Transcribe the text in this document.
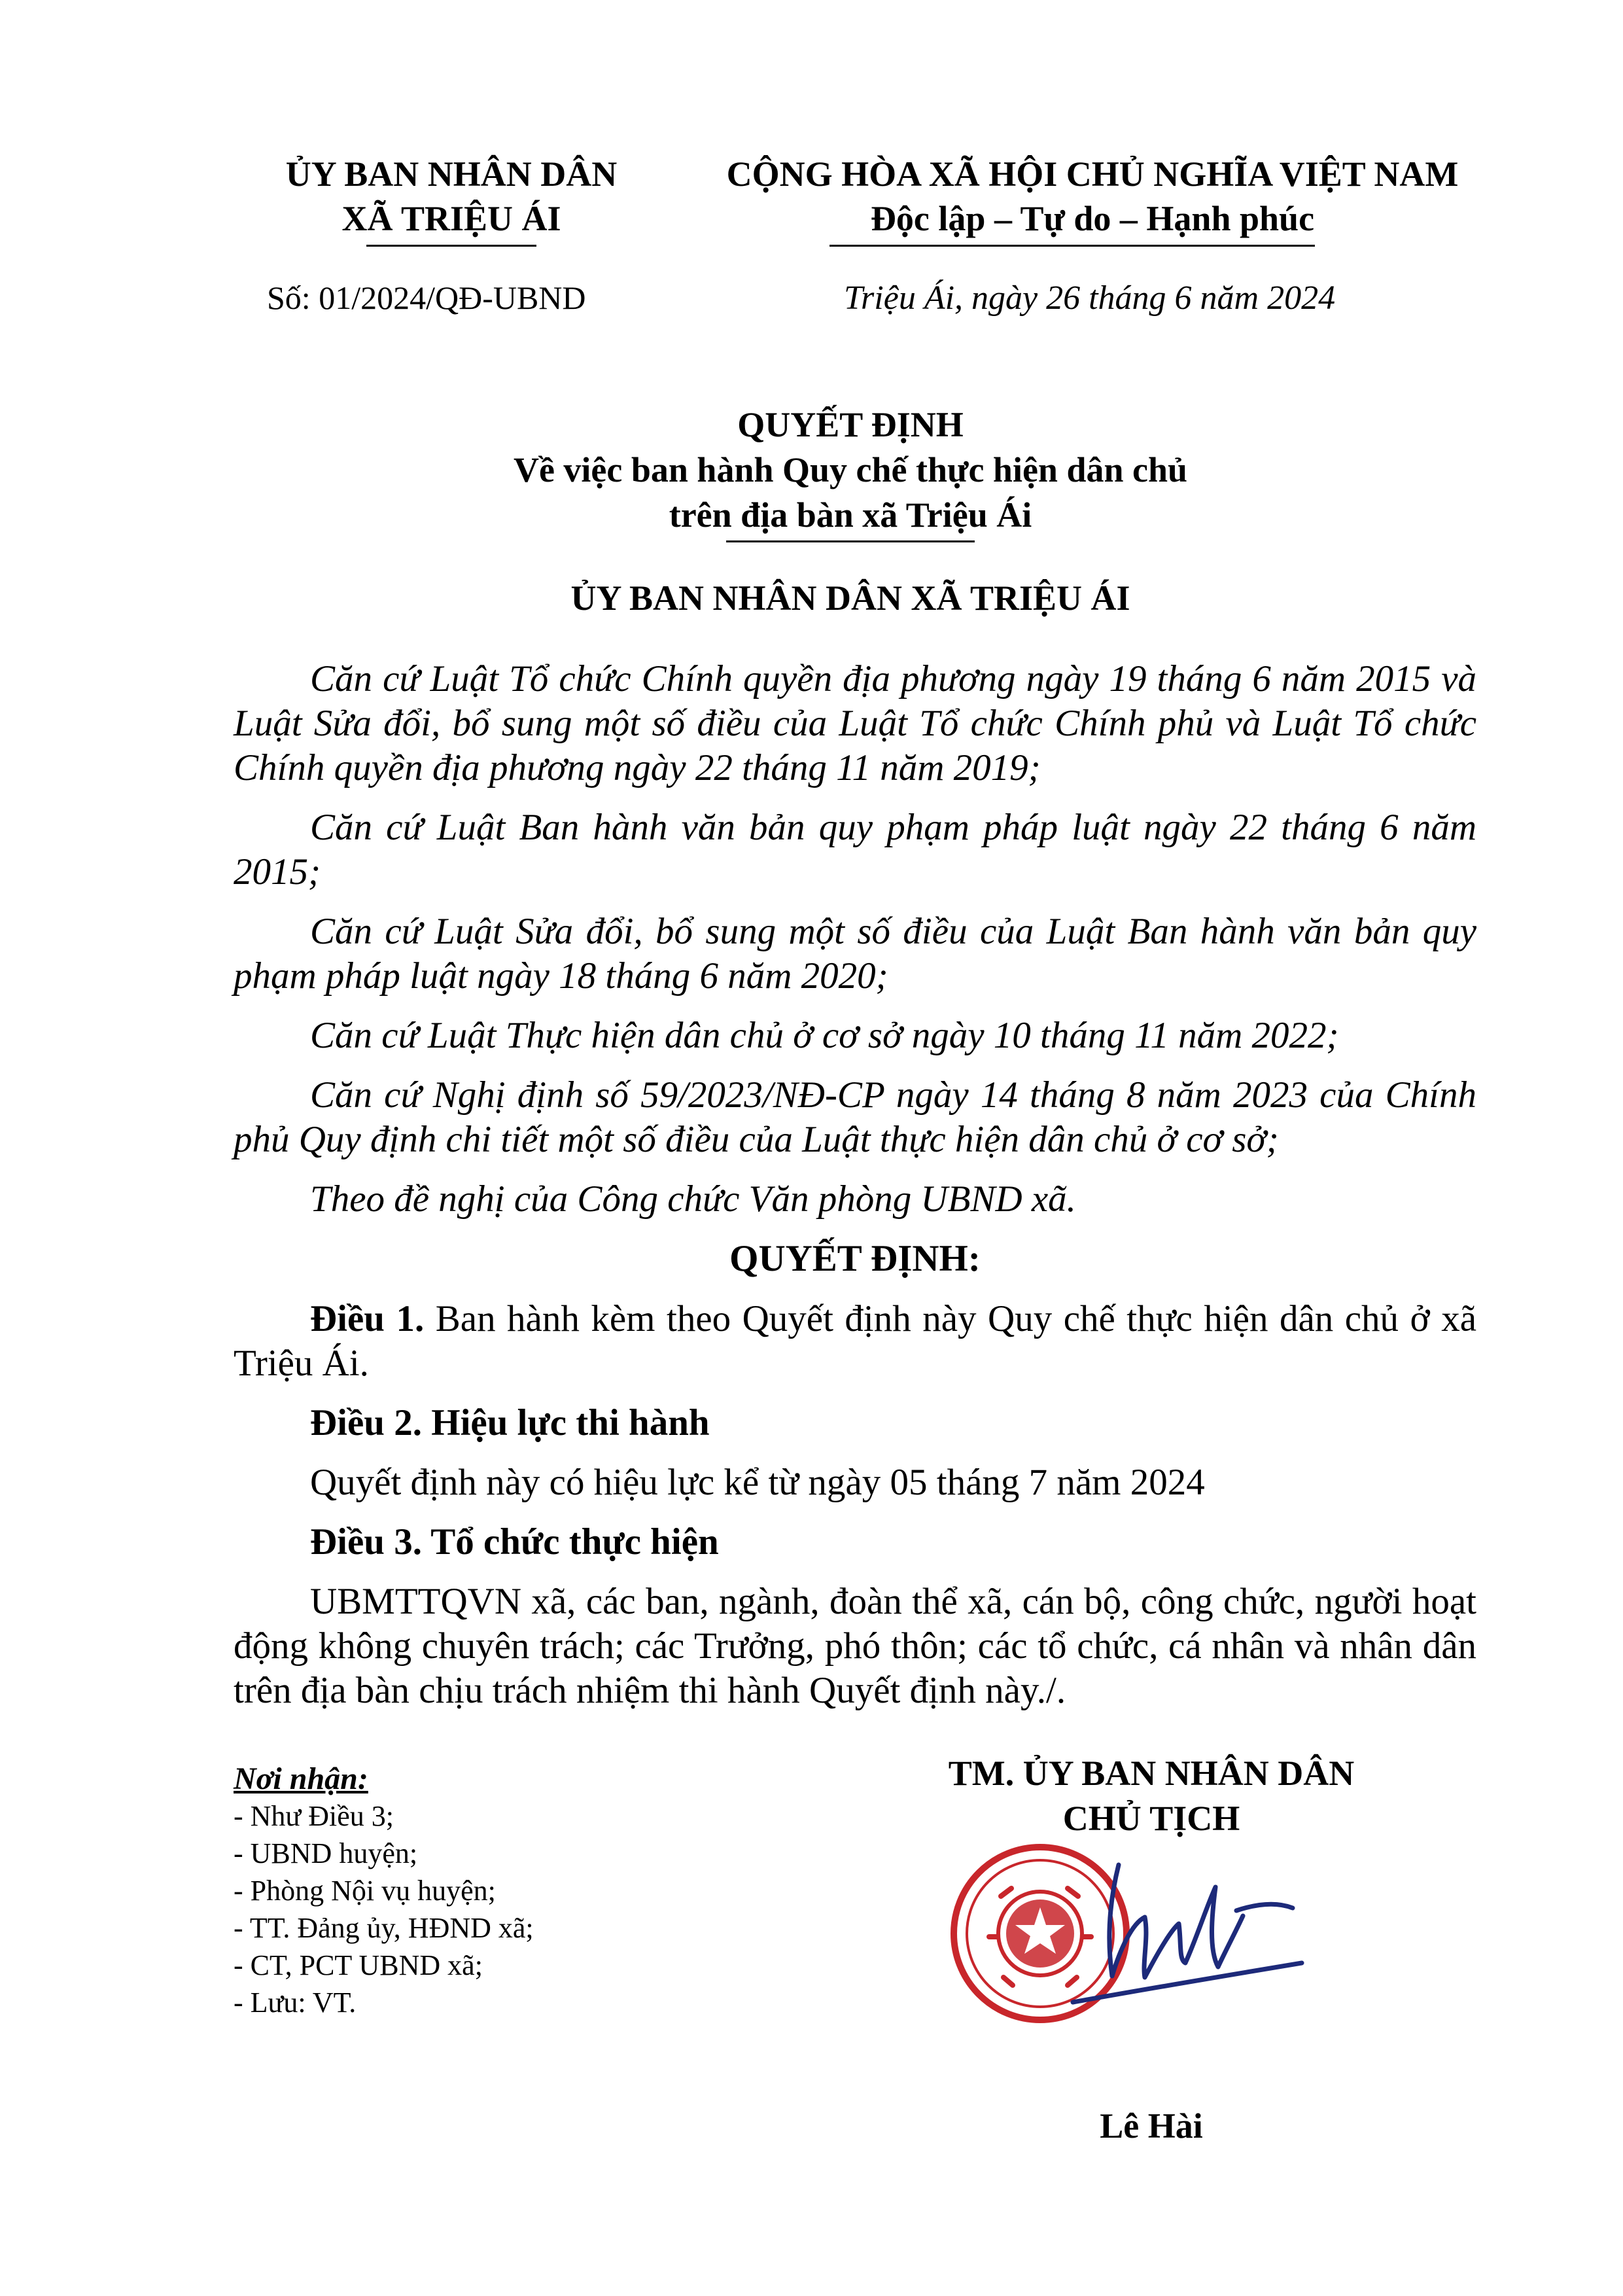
ỦY BAN NHÂN DÂN
XÃ TRIỆU ÁI
CỘNG HÒA XÃ HỘI CHỦ NGHĨA VIỆT NAM
Độc lập – Tự do – Hạnh phúc
Số: 01/2024/QĐ-UBND	Triệu Ái, ngày 26 tháng 6 năm 2024
QUYẾT ĐỊNH
Về việc ban hành Quy chế thực hiện dân chủ
trên địa bàn xã Triệu Ái
ỦY BAN NHÂN DÂN XÃ TRIỆU ÁI

Căn cứ Luật Tổ chức Chính quyền địa phương ngày 19 tháng 6 năm 2015 và Luật Sửa đổi, bổ sung một số điều của Luật Tổ chức Chính phủ và Luật Tổ chức Chính quyền địa phương ngày 22 tháng 11 năm 2019;

Căn cứ Luật Ban hành văn bản quy phạm pháp luật ngày 22 tháng 6 năm 2015;

Căn cứ Luật Sửa đổi, bổ sung một số điều của Luật Ban hành văn bản quy phạm pháp luật ngày 18 tháng 6 năm 2020;

Căn cứ Luật Thực hiện dân chủ ở cơ sở ngày 10 tháng 11 năm 2022;

Căn cứ Nghị định số 59/2023/NĐ-CP ngày 14 tháng 8 năm 2023 của Chính phủ Quy định chi tiết một số điều của Luật thực hiện dân chủ ở cơ sở;

Theo đề nghị của Công chức Văn phòng UBND xã.

QUYẾT ĐỊNH:

Điều 1. Ban hành kèm theo Quyết định này Quy chế thực hiện dân chủ ở xã Triệu Ái.

Điều 2. Hiệu lực thi hành

Quyết định này có hiệu lực kể từ ngày 05 tháng 7 năm 2024

Điều 3. Tổ chức thực hiện

UBMTTQVN xã, các ban, ngành, đoàn thể xã, cán bộ, công chức, người hoạt động không chuyên trách; các Trưởng, phó thôn; các tổ chức, cá nhân và nhân dân trên địa bàn chịu trách nhiệm thi hành Quyết định này./.

Nơi nhận:
- Như Điều 3;
- UBND huyện;
- Phòng Nội vụ huyện;
- TT. Đảng ủy, HĐND xã;
- CT, PCT UBND xã;
- Lưu: VT.
TM. ỦY BAN NHÂN DÂN
CHỦ TỊCH
Lê Hài
